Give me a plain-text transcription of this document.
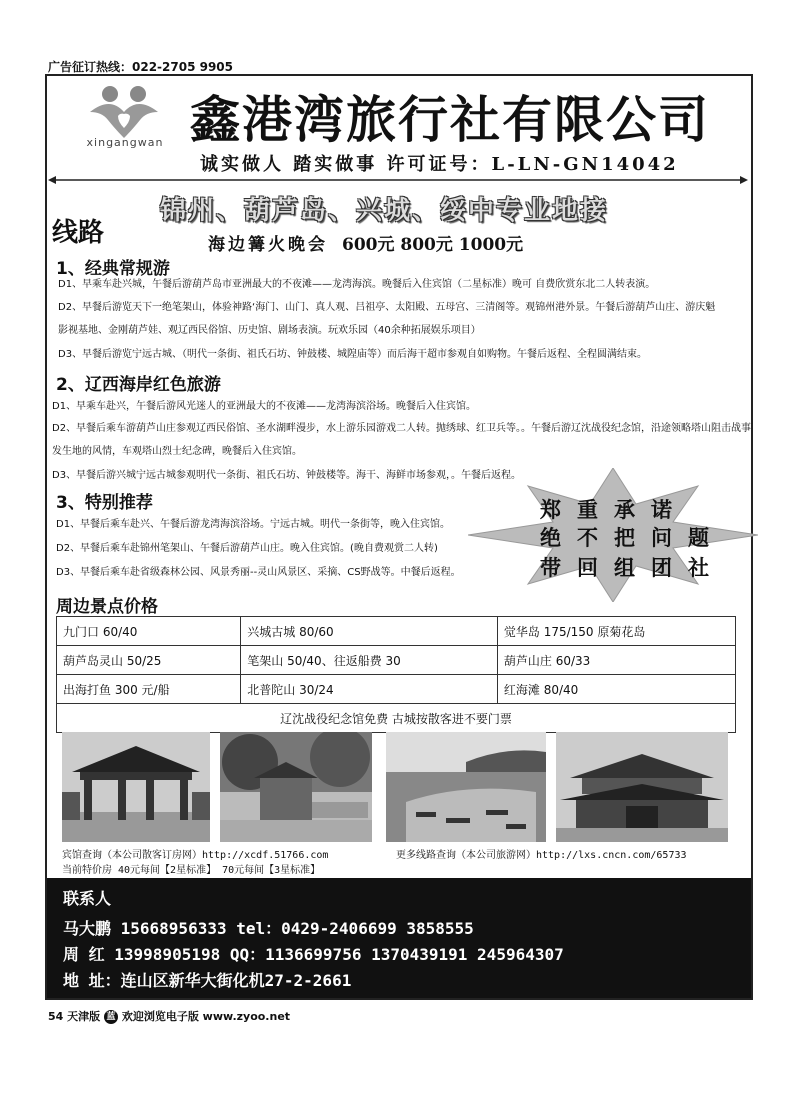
广告征订热线：022-2705 9905
xingangwan 鑫港湾旅行社有限公司
诚实做人 踏实做事 许可证号：L-LN-GN14042
锦州、葫芦岛、兴城、绥中专业地接
线路	海边篝火晚会 600元 800元 1000元
1、经典常规游
D1、早乘车赴兴城，午餐后游葫芦岛市亚洲最大的不夜滩——龙湾海滨。晚餐后入住宾馆（二星标准）晚可 自费欣赏东北二人转表演。
D2、早餐后游览天下一绝笔架山，体验神路‘海门、山门、真人观、吕祖亭、太阳殿、五母宫、三清阁等。观锦州港外景。午餐后游葫芦山庄、游庆魁
影视基地、金刚葫芦娃、观辽西民俗馆、历史馆、剧场表演。玩欢乐园（40余种拓展娱乐项目）
D3、早餐后游览宁远古城、（明代一条街、祖氏石坊、钟鼓楼、城隍庙等）而后海干超市参观自如购物。午餐后返程、全程圆满结束。
2、辽西海岸红色旅游
D1、早乘车赴兴，午餐后游风光迷人的亚洲最大的不夜滩——龙湾海滨浴场。晚餐后入住宾馆。
D2、早餐后乘车游葫芦山庄参观辽西民俗馆、圣水湖畔漫步，水上游乐园游戏二人转。抛绣球、红卫兵等。。午餐后游辽沈战役纪念馆，沿途领略塔山阻击战事
发生地的风情，车观塔山烈士纪念碑，晚餐后入住宾馆。
D3、早餐后游兴城宁远古城参观明代一条街、祖氏石坊、钟鼓楼等。海干、海鲜市场参观，。午餐后返程。
3、特别推荐
D1、早餐后乘车赴兴、午餐后游龙湾海滨浴场。宁远古城。明代一条街等，晚入住宾馆。
D2、早餐后乘车赴锦州笔架山、午餐后游葫芦山庄。晚入住宾馆。(晚自费观赏二人转)
D3、早餐后乘车赴省级森林公园、风景秀丽--灵山风景区、采摘、CS野战等。中餐后返程。
郑重承诺
绝不把问题
带回组团社
周边景点价格
九门口 60/40	兴城古城 80/60	觉华岛 175/150 原菊花岛
葫芦岛灵山 50/25	笔架山 50/40、往返船费 30	葫芦山庄 60/33
出海打鱼 300 元/船	北普陀山 30/24	红海滩 80/40
辽沈战役纪念馆免费 古城按散客进不要门票		
宾馆查询（本公司散客订房网）http://xcdf.51766.com
当前特价房 40元每间【2星标准】 70元每间【3星标准】
更多线路查询（本公司旅游网）http://lxs.cncn.com/65733
联系人
马大鹏 15668956333 tel：0429-2406699 3858555
周 红 13998905198 QQ：1136699756 1370439191 245964307
地 址：连山区新华大街化机27-2-2661
54 天津版 蓝 欢迎浏览电子版 www.zyoo.net
